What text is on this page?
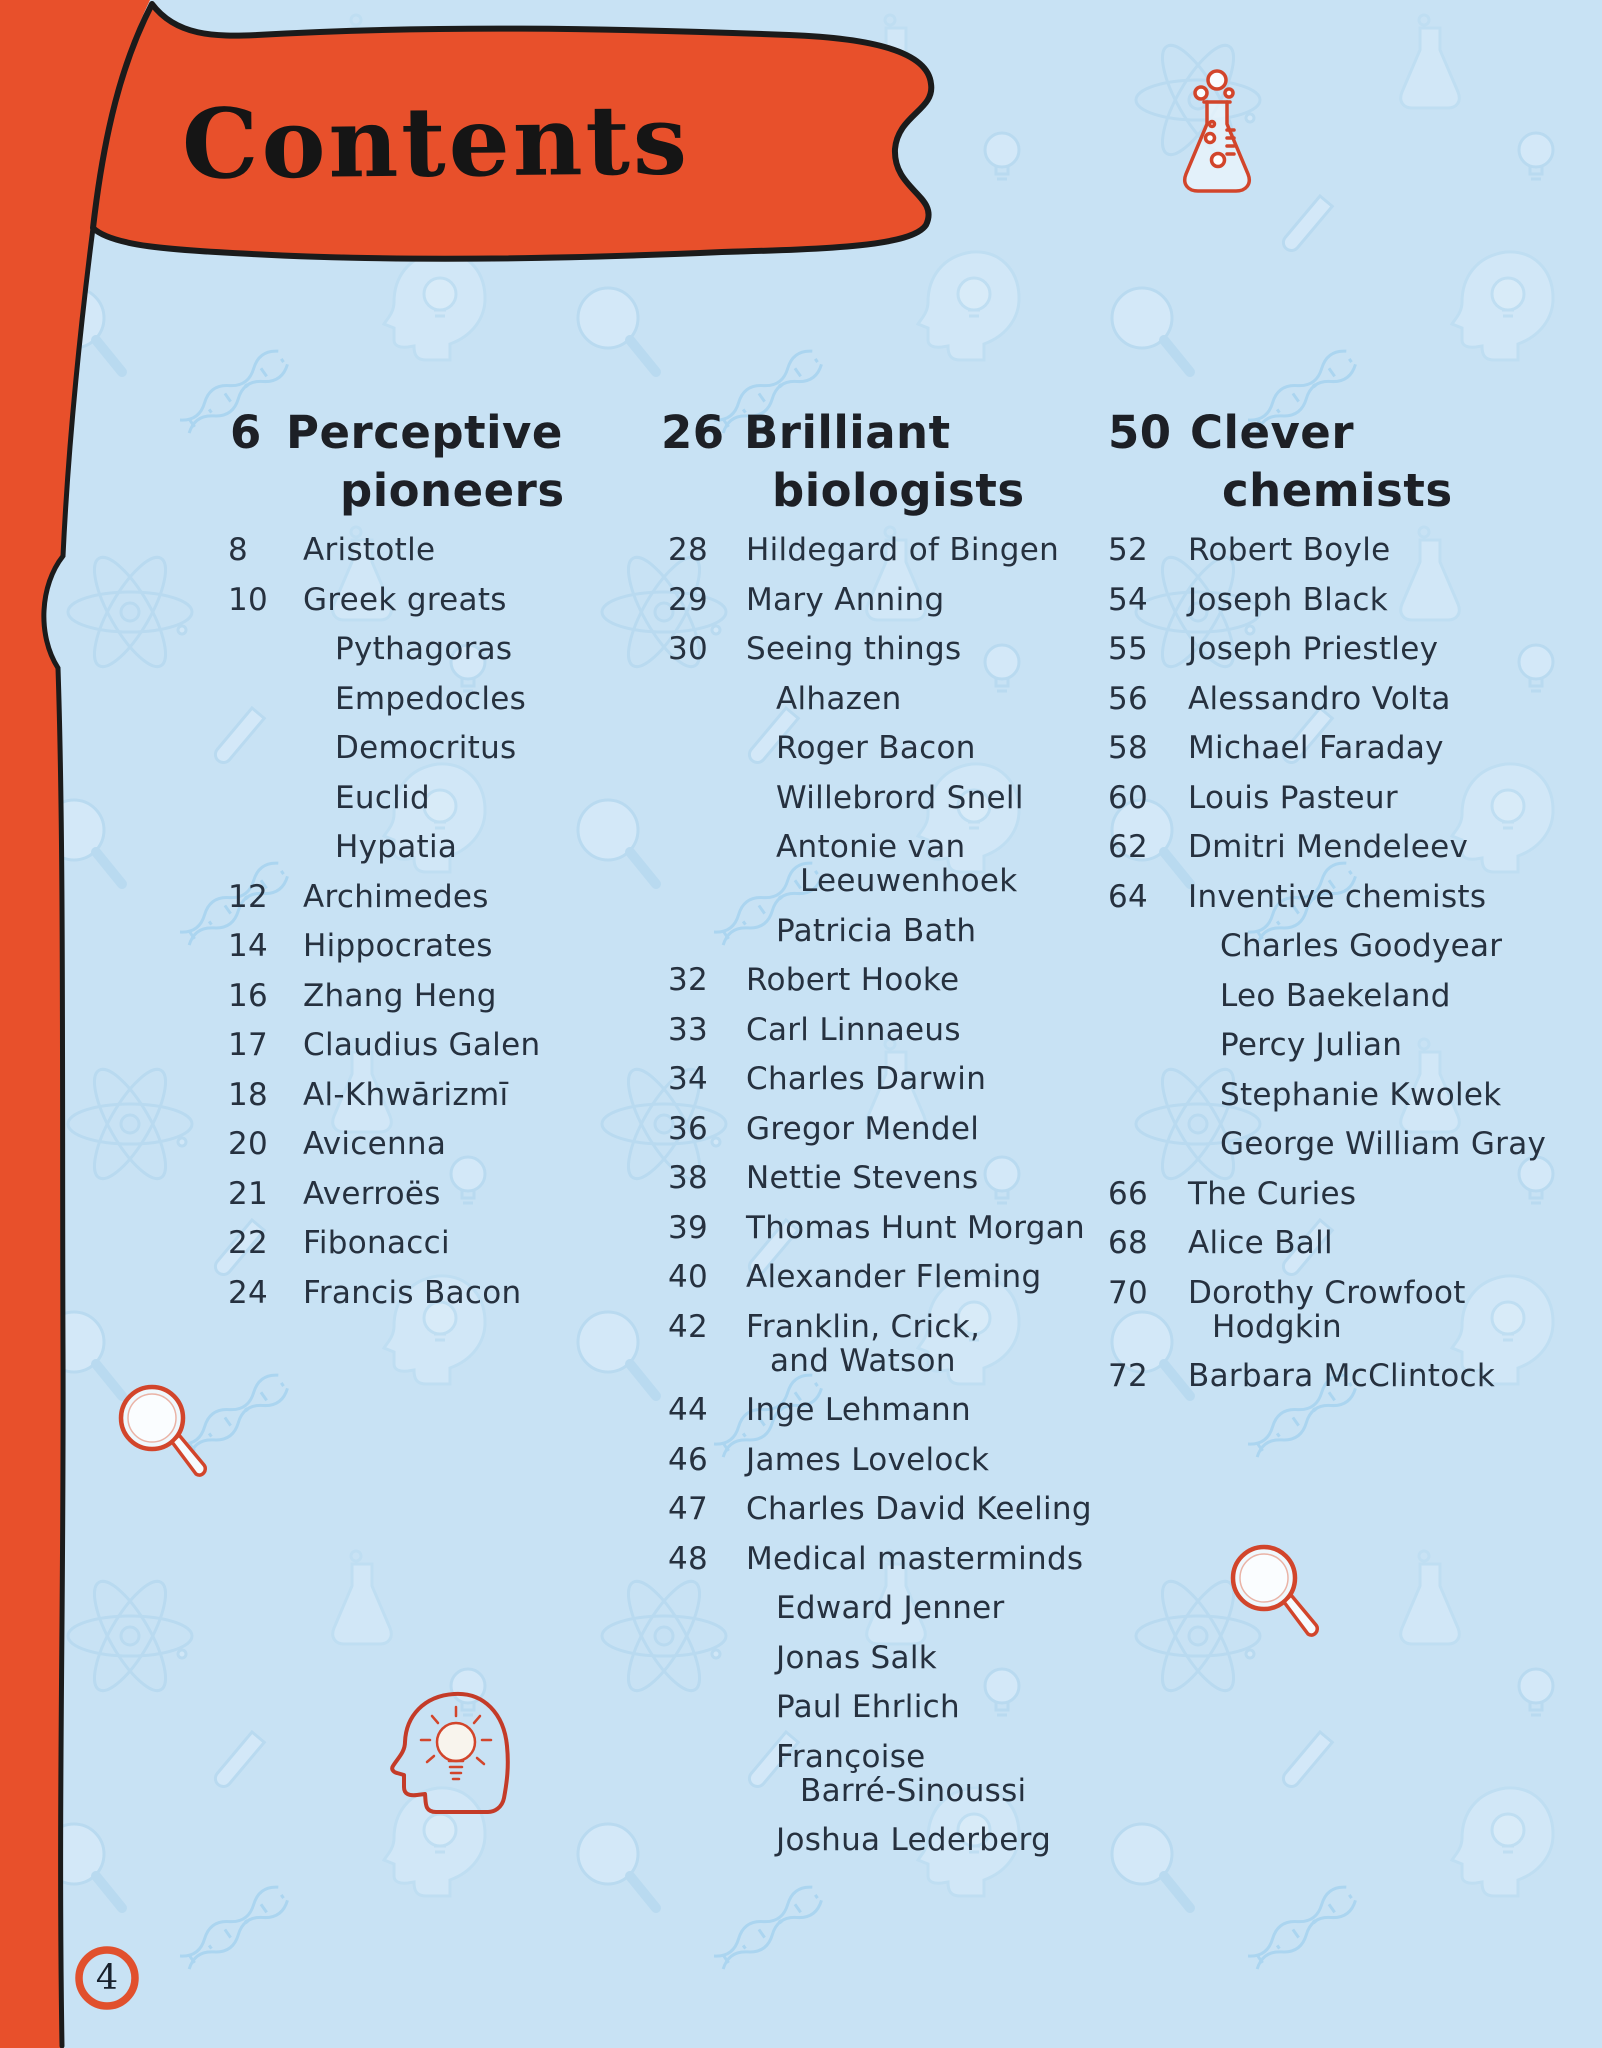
Contents
4
6 Perceptive
pioneers
8 Aristotle
10 Greek greats
Pythagoras
Empedocles
Democritus
Euclid
Hypatia
12 Archimedes
14 Hippocrates
16 Zhang Heng
17 Claudius Galen
18 Al-Khwārizmī
20 Avicenna
21 Averroës
22 Fibonacci
24 Francis Bacon
26 Brilliant
biologists
28 Hildegard of Bingen
29 Mary Anning
30 Seeing things
Alhazen
Roger Bacon
Willebrord Snell
Antonie van
Leeuwenhoek
Patricia Bath
32 Robert Hooke
33 Carl Linnaeus
34 Charles Darwin
36 Gregor Mendel
38 Nettie Stevens
39 Thomas Hunt Morgan
40 Alexander Fleming
42 Franklin, Crick,
and Watson
44 Inge Lehmann
46 James Lovelock
47 Charles David Keeling
48 Medical masterminds
Edward Jenner
Jonas Salk
Paul Ehrlich
Françoise
Barré-Sinoussi
Joshua Lederberg
50 Clever
chemists
52 Robert Boyle
54 Joseph Black
55 Joseph Priestley
56 Alessandro Volta
58 Michael Faraday
60 Louis Pasteur
62 Dmitri Mendeleev
64 Inventive chemists
Charles Goodyear
Leo Baekeland
Percy Julian
Stephanie Kwolek
George William Gray
66 The Curies
68 Alice Ball
70 Dorothy Crowfoot
Hodgkin
72 Barbara McClintock
